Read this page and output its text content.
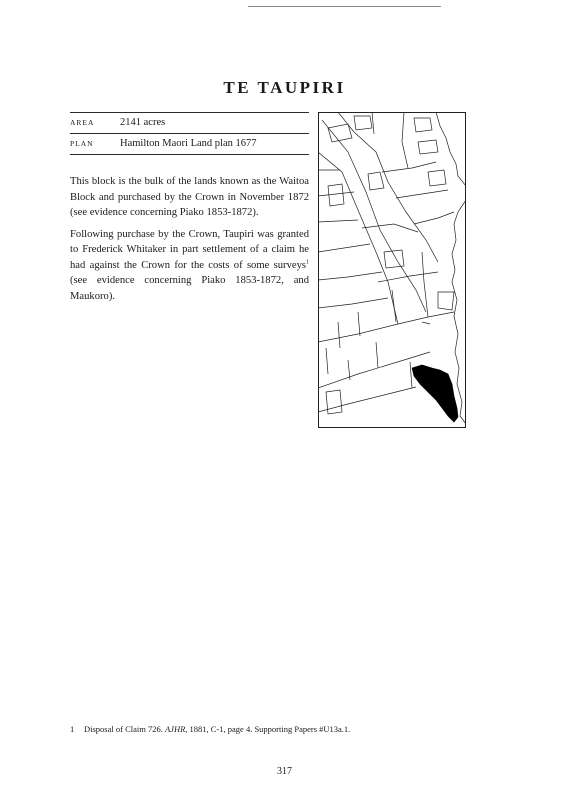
TE TAUPIRI
AREA	2141 acres
PLAN	Hamilton Maori Land plan 1677

This block is the bulk of the lands known as the Waitoa Block and purchased by the Crown in November 1872 (see evidence concerning Piako 1853-1872).

Following purchase by the Crown, Taupiri was granted to Frederick Whitaker in part settlement of a claim he had against the Crown for the costs of some surveys$^1$ (see evidence concerning Piako 1853-1872, and Maukoro).

1 Disposal of Claim 726. AJHR, 1881, C-1, page 4. Supporting Papers #U13a.1.
317
